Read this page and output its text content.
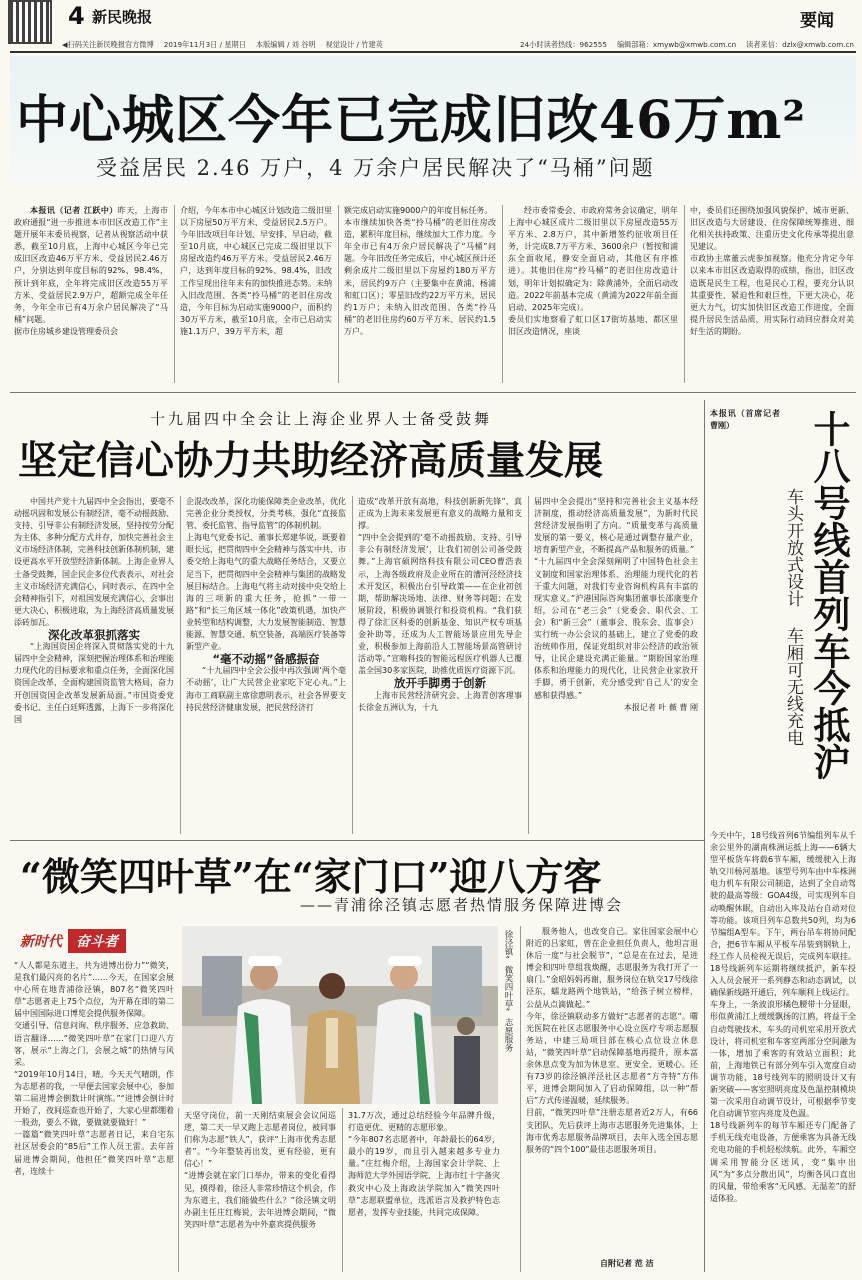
4 新民晚报	要闻
◀扫码关注新民晚报官方微博 2019年11月3日 / 星期日 本版编辑 / 刘 谷明 视觉设计 / 竹建英	24小时读者热线：962555 编辑部箱：xmywb@xmwb.com.cn 读者来信：dzlx@xmwb.com.cn
中心城区今年已完成旧改46万m²
受益居民 2.46 万户，4 万余户居民解决了“马桶”问题

本报讯（记者 江跃中）昨天，上海市政府通报“进一步推进本市旧区改造工作”主题开展年末委员视察，记者从视察活动中获悉，截至10月底，上海中心城区今年已完成旧区改造46万平方米、受益居民2.46万户，分别达到年度目标的92%、98.4%，预计到年底，全年将完成旧区改造55万平方米、受益居民2.9万户，超额完成全年任务，今年全市已有4万余户居民解决了“马桶”问题。
据市住房城乡建设管理委员会

介绍，今年本市中心城区计划改造二级旧里以下房屋50万平方米、受益居民2.5万户。今年旧改项目年计划、早安排、早启动，截至10月底，中心城区已完成二级旧里以下房屋改造约46万平方米、受益居民2.46万户，达到年度目标的92%、98.4%，旧改工作呈现出往年未有的加快推进态势。未纳入旧改范围、各类“拎马桶”的老旧住房改造，今年目标为启动实施9000户，面积约30万平方米，截至10月底，全市已启动实施1.1万户、39万平方米，超

额完成启动实施9000户的年度目标任务。
本市继续加快各类“拎马桶”的老旧住房改造，累积年度目标，继续加大工作力度。今年全市已有4万余户居民解决了“马桶”问题。今年旧改任务完成后，中心城区预计还剩余成片二级旧里以下房屋约180万平方米，居民约9万户（主要集中在黄浦、杨浦和虹口区）；零星旧改约22万平方米，居民约1万户；未纳入旧改范围、各类“拎马桶”的老旧住房约60万平方米、居民约1.5万户。

经市委常委会、市政府常务会议确定，明年上海中心城区成片二级旧里以下房屋改造55万平方米、2.8万户，其中新增签约征收项目任务，计完成8.7万平方米、3600余户（暂按和浦东全面收尾，静安全面启动，其他区有序推进）。其他旧住房“拎马桶”的老旧住房改造计划，明年计划拟确定为：除黄浦外，全面启动改造。2022年前基本完成（黄浦为2022年前全面启动、2025年完成）。
委员们实地察看了虹口区17街坊基地、都区里旧区改造情况，座谈

中，委员们还围绕加强风貌保护、城市更新、旧区改造与大居建设、住房保障统筹推进、细化相关扶持政策、注重历史文化传承等提出意见建议。
市政协主席董云虎参加视察。他充分肯定今年以来本市旧区改造取得的成绩，指出，旧区改造既是民生工程，也是民心工程，要充分认识其重要性、紧迫性和艰巨性，下更大决心，花更大力气，切实加快旧区改造工作进度，全面提升居民生活品质，用实际行动回应群众对美好生活的期盼。

十九届四中全会让上海企业界人士备受鼓舞
坚定信心协力共助经济高质量发展

中国共产党十九届四中全会指出，要毫不动摇巩固和发展公有制经济，毫不动摇鼓励、支持、引导非公有制经济发展，坚持按劳分配为主体、多种分配方式并存，加快完善社会主义市场经济体制，完善科技创新体制机制，建设更高水平开放型经济新体制。上海企业界人士备受鼓舞，国企民企多位代表表示，对社会主义市场经济充满信心，同时表示，在四中全会精神指引下，对祖国发展充满信心，会事出更大决心，积极进取，为上海经济高质量发展添砖加瓦。

深化改革狠抓落实

“上海国资国企将深入贯彻落实党的十九届四中全会精神，深刻把握治理体系和治理能力现代化的目标要求和重点任务，全面深化国资国企改革，全面构建国资监管大格局，奋力开创国资国企改革发展新局面。”市国资委党委书记、主任白廷辉透露，上海下一步将深化国

企混改改革，深化功能保障类企业改革，优化完善企业分类授权，分类考核，强化“直接监管、委托监管、指导监管”的体制机制。
上海电气党委书记、董事长郑建华说，既要着眼长远，把贯彻四中全会精神与落实中共、市委交给上海电气的重大战略任务结合，又要立足当下，把贯彻四中全会精神与集团的战略发展目标结合。上海电气将主动对接中央交给上海的三项新的重大任务，抢抓“一带一路”和“长三角区域一体化”政策机遇，加快产业转型和结构调整，大力发展智能制造、智慧能源、智慧交通、航空装备，高端医疗装备等新型产业。

“毫不动摇”备感振奋

“十九届四中全会公报中再次强调‘两个毫不动摇’，让广大民营企业家吃下定心丸。”上海市工商联副主席徐惠明表示，社会各界要支持民营经济健康发展，把民营经济打

造成“改革开放有高地，科技创新新先锋”，真正成为上海未来发展更有意义的战略力量和支撑。
“四中全会提到的‘毫不动摇鼓励、支持、引导非公有制经济发展’，让我们初创公司备受鼓舞。”上海官硕网络科技有限公司CEO曹浩表示，上海各级政府及企业所在的漕河泾经济技术开发区，积极出台引导政策——在企业初创期，帮助解决场地、法律、财务等问题；在发展阶段，积极协调银行和投资机构。“我们获得了徐汇区科委的创新基金、知识产权专项基金补助等，还成为人工智能场景应用先导企业，积极参加上海前沿人工智能场景高管研讨活动等。”宣嗨科技的智能远程医疗机器人已覆盖全国30多家医院，助推优质医疗资源下沉。

放开手脚勇于创新

上海市民营经济研究会、上海青创客理事长徐金五洲认为，十九

届四中全会提出“坚持和完善社会主义基本经济制度，推动经济高质量发展”，为新时代民营经济发展指明了方向。“质量变革与高质量发展的第一要义，核心是通过调整存量产业，培育新型产业，不断提高产品和服务的质量。”
“十九届四中全会深刻阐明了中国特色社会主义制度和国家治理体系、治理能力现代化的若干重大问题，对我们专业咨询机构具有丰富的现实意义。”沪港国际咨询集团董事长邵康斐介绍，公司在“老三会”（党委会、职代会、工会）和“新三会”（董事会、股东会、监事会）实行统一办公会议的基础上，建立了党委的政治统帅作用，保证党组织对非公经济的政治领导，让民企建设充满正能量。“期盼国家治理体系和治理能力的现代化，让民营企业家放开手脚，勇于创新，充分感受到‘自己人’的安全感和获得感。”

本报记者 叶 薇 曹 刚	十八号线首列车今抵沪
车头开放式设计 车厢可无线充电

本报讯（首席记者 曹刚）

今天中午，18号线首列6节编组列车从千余公里外的湖南株洲运抵上海——6辆大型平板货车将载6节车厢，缓缓驶入上海轨交川杨河基地。该型号列车由中车株洲电力机车有限公司制造，达到了全自动驾驶的最高等级：GOA4级，可实现列车自动唤醒休眠，自动出入库及站台自动对位等功能。该项目列车总数共50列，均为6节编组A型车。下午，两台吊车将协同配合，把6节车厢从平板车吊装到钢轨上，经工作人员检视无误后，完成列车联挂。18号线新列车运期将继续抵沪，新车投入人员会展开一系列静态和动态调试，以确保新线路开通后，列车顺利上线运行。
车身上，一条波浪形橘色腰带十分显眼，形似黄浦江上缓缓飘扬的江鸥，将益于全自动驾驶技术，车头的司机室采用开放式设计，将司机室和车客室两部分空间融为一体，增加了乘客的有效站立面积；此前，上海地铁已有部分列车引入宽度自动调节功能，18号线列车的照明设计又有新突破——客室照明亮度及色温控制模块第一次采用自动调节设计，可根据季节变化自动调节室内亮度及色温。
18号线新列车的每节车厢还专门配备了手机无线充电设备，方便乘客为具备无线充电功能的手机轻松续航。此外，车厢空调采用智能分区送风，变“集中出风”为“多点分散出风”，均衡各风口直出的风量，带给乘客“无风感、无温差”的舒适体验。

“微笑四叶草”在“家门口”迎八方客
——青浦徐泾镇志愿者热情服务保障进博会
新时代	奋斗者

“人人都是东道主，共为进博出份力”“微笑，是我们最闪亮的名片”……今天，在国家会展中心所在地青浦徐泾镇，807名“微笑四叶草”志愿者走上75个点位，为开幕在即的第二届中国国际进口博览会提供服务保障。
交通引导、信息问询、秩序服务、应急救助、语言翻译……“微笑四叶草”在家门口迎八方客，展示“上海之门，会展之城”的热情与风采。
“2019年10月14日，晴。今天天气晴朗，作为志愿者的我，一早便去国家会展中心，参加第二届进博会倒数计时演练。”“进博会倒计时开始了，夜间巡查也开始了，大家心里都绷着一股劲，要么不做，要做就要做好！”
一篇篇“微笑四叶草”志愿者日记，来自宅东社区居委会的“85后”工作人员王雷。去年首届进博会期间，他担任“微笑四叶草”志愿者，连续十

徐泾镇“微笑四叶草”志愿服务

天坚守岗位，前一天刚结束展会会议间巡逻，第二天一早又跑上志愿者岗位，被同事们称为志愿“铁人”，获评“上海市优秀志愿者”。“今年整装再出发，更有经验，更有信心！”
“进博会就在家门口举办，带来的变化看得见，摸得着，徐泾人非常珍惜这个机会，作为东道主，我们能做些什么？”徐泾镇文明办副主任庄红梅说，去年进博会期间，“微笑四叶草”志愿者为中外嘉宾提供服务

31.7万次，通过总结经验今年品牌升级，打造更优、更精的志愿形象。
“今年807名志愿者中，年龄最长的64岁，最小的19岁，而且引入越来越多专业力量。”庄红梅介绍，上海国家会计学院、上海师范大学外国语学院、上海市红十字备灾救灾中心及上海政法学院加入“微笑四叶草”志愿联盟单位，选派语言及救护特色志愿者，发挥专业技能，共同完成保障。

服务他人，也改变自己。家住国家会展中心附近的吕家虹，曾在企业担任负责人，他坦言退休后一度“与社会脱节”，“总是在在过去，是进博会和四叶草组我焕醒，志愿服务为我打开了一扇门。”金昭妈妈再谢，服务岗位在轨交17号线徐泾东，蠕龙路两个地铁站，“给孩子树立榜样，公益从点滴做起。”
今年，徐泾镇联动多方做好“志愿者的志愿”。曙光医院在社区志愿服务中心设立医疗专项志愿服务站，中建三局项目部在核心点位设立休息站，“微笑四叶草”启动保障基地再提升，原本富余休息点变为加为休息室、更安全、更暖心。还有73岁的徐泾镇洋泾社区志愿者“方寺特”方伟平，进博会期间加入了启动保障组，以一种“帮后”方式传递温暖，延续服务。
目前，“微笑四叶草”注册志愿者近2万人，有66支团队，先后获评上海市志愿服务先进集体，上海市优秀志愿服务品牌项目，去年入选全国志愿服务的“四个100”最佳志愿服务项目。

自附记者 范 洁
